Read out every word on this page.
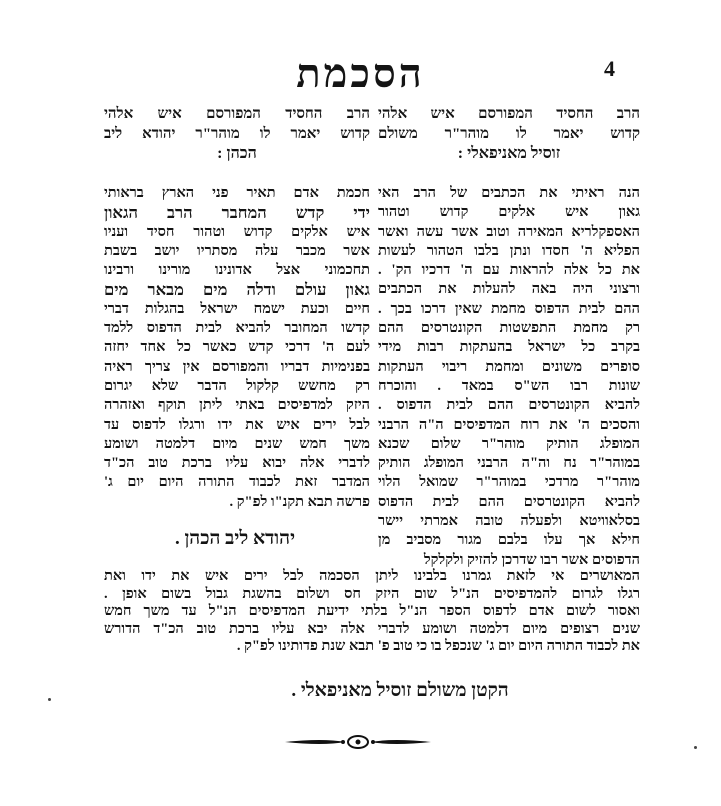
4
הסכמת
הרב החסיד המפורסם איש אלהי
קדוש יאמר לו מוהר"ר משולם
זוסיל מאניפאלי :
הרב החסיד המפורסם איש אלהי
קדוש יאמר לו מוהר"ר יהודא ליב
הכהן :
הנה ראיתי את הכתבים של הרב האי
גאון איש אלקים קדוש וטהור
האספקלריא המאירה וטוב אשר עשה ואשר
הפליא ה' חסדו ונתן בלבו הטהור לעשות
את כל אלה להראות עם ה' דרכיו הק' .
ורצוני היה באה להעלות את הכתבים
ההם לבית הדפוס מחמת שאין דרכו בכך .
רק מחמת התפשטות הקונטרסים ההם
בקרב כל ישראל בהעתקות רבות מידי
סופרים משונים ומחמת ריבוי העתקות
שונות רבו הש"ס במאד . והוכרח
להביא הקונטרסים ההם לבית הדפוס .
והסכים ה' את רוח המדפיסים ה"ה הרבני
המופלג הותיק מוהר"ר שלום שכנא
במוהר"ר נח וה"ה הרבני המופלג הותיק
מוהר"ר מרדכי במוהר"ר שמואל הלוי
להביא הקונטרסים ההם לבית הדפוס
בסלאוויטא ולפעלה טובה אמרתי יישר
חילא אך עלו בלבם מגור מסביב מן
הדפוסים אשר רבו שדרכן להזיק ולקלקל
חכמת אדם תאיר פני הארץ בראותי
ידי קדש המחבר הרב הגאון
איש אלקים קדוש וטהור חסיד ועניו
אשר מכבר עלה מסתריו יושב בשבת
תחכמוני אצל אדונינו מורינו ורבינו
גאון עולם ודלה מים מבאר מים
חיים וכעת ישמח ישראל בהגלות דברי
קדשו המחובר להביא לבית הדפוס ללמד
לעם ה' דרכי קדש כאשר כל אחד יחזה
בפנימיות דבריו והמפורסם אין צריך ראיה
רק מחשש קלקול הדבר שלא יגרום
היזק למדפיסים באתי ליתן תוקף ואזהרה
לבל ירים איש את ידו ורגלו לדפוס עד
משך חמש שנים מיום דלמטה ושומע
לדברי אלה יבוא עליו ברכת טוב הכ"ד
המדבר זאת לכבוד התורה היום יום ג'
פרשה תבא תקנ"ו לפ"ק .
יהודא ליב הכהן .
המאושרים אי לזאת גמרנו בלבינו ליתן הסכמה לבל ירים איש את ידו ואת
רגלו לגרום להמדפיסים הנ"ל שום היזק חס ושלום בהשגת גבול בשום אופן .
ואסור לשום אדם לדפוס הספר הנ"ל בלתי ידיעת המדפיסים הנ"ל עד משך חמש
שנים רצופים מיום דלמטה ושומע לדברי אלה יבא עליו ברכת טוב הכ"ד הדורש
את לכבוד התורה היום יום ג' שנכפל בו כי טוב פ' תבא שנת פדותינו לפ"ק .
הקטן משולם זוסיל מאניפאלי .
